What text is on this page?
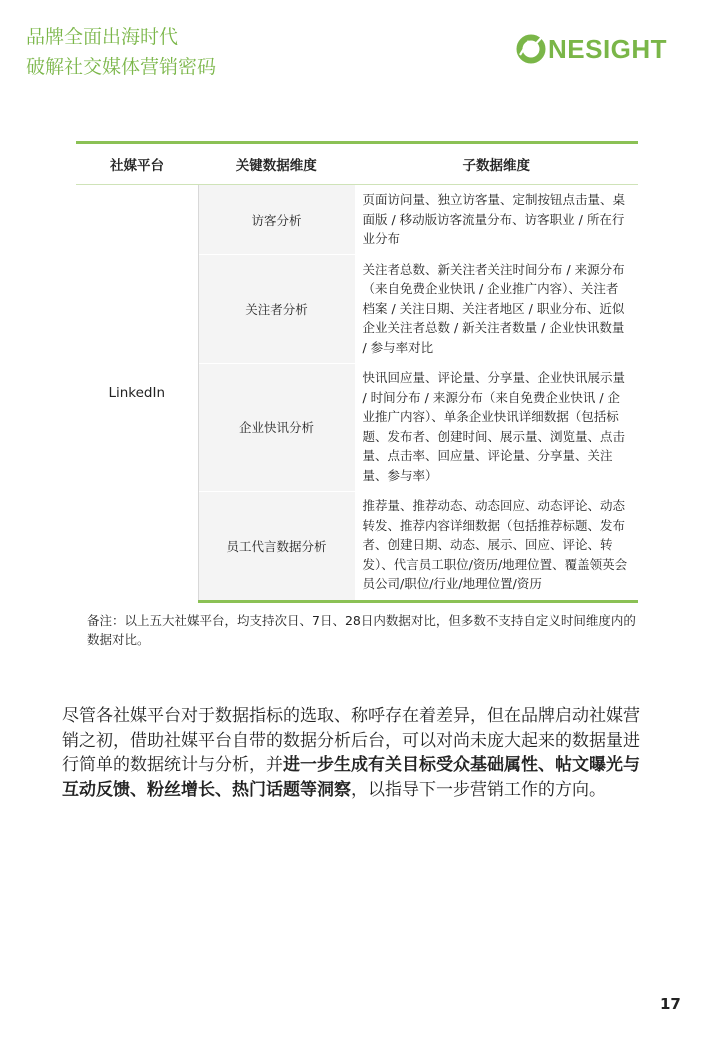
品牌全面出海时代
破解社交媒体营销密码
NESIGHT
社媒平台	关键数据维度	子数据维度
LinkedIn	访客分析	页面访问量、独立访客量、定制按钮点击量、桌面版 / 移动版访客流量分布、访客职业 / 所在行业分布
	关注者分析	关注者总数、新关注者关注时间分布 / 来源分布（来自免费企业快讯 / 企业推广内容）、关注者档案 / 关注日期、关注者地区 / 职业分布、近似企业关注者总数 / 新关注者数量 / 企业快讯数量 / 参与率对比
	企业快讯分析	快讯回应量、评论量、分享量、企业快讯展示量 / 时间分布 / 来源分布（来自免费企业快讯 / 企业推广内容）、单条企业快讯详细数据（包括标题、发布者、创建时间、展示量、浏览量、点击量、点击率、回应量、评论量、分享量、关注量、参与率）
	员工代言数据分析	推荐量、推荐动态、动态回应、动态评论、动态转发、推荐内容详细数据（包括推荐标题、发布者、创建日期、动态、展示、回应、评论、转发）、代言员工职位/资历/地理位置、覆盖领英会员公司/职位/行业/地理位置/资历
备注：以上五大社媒平台，均支持次日、7日、28日内数据对比，但多数不支持自定义时间维度内的数据对比。
尽管各社媒平台对于数据指标的选取、称呼存在着差异，但在品牌启动社媒营销之初，借助社媒平台自带的数据分析后台，可以对尚未庞大起来的数据量进行简单的数据统计与分析，并进一步生成有关目标受众基础属性、帖文曝光与互动反馈、粉丝增长、热门话题等洞察，以指导下一步营销工作的方向。
17
